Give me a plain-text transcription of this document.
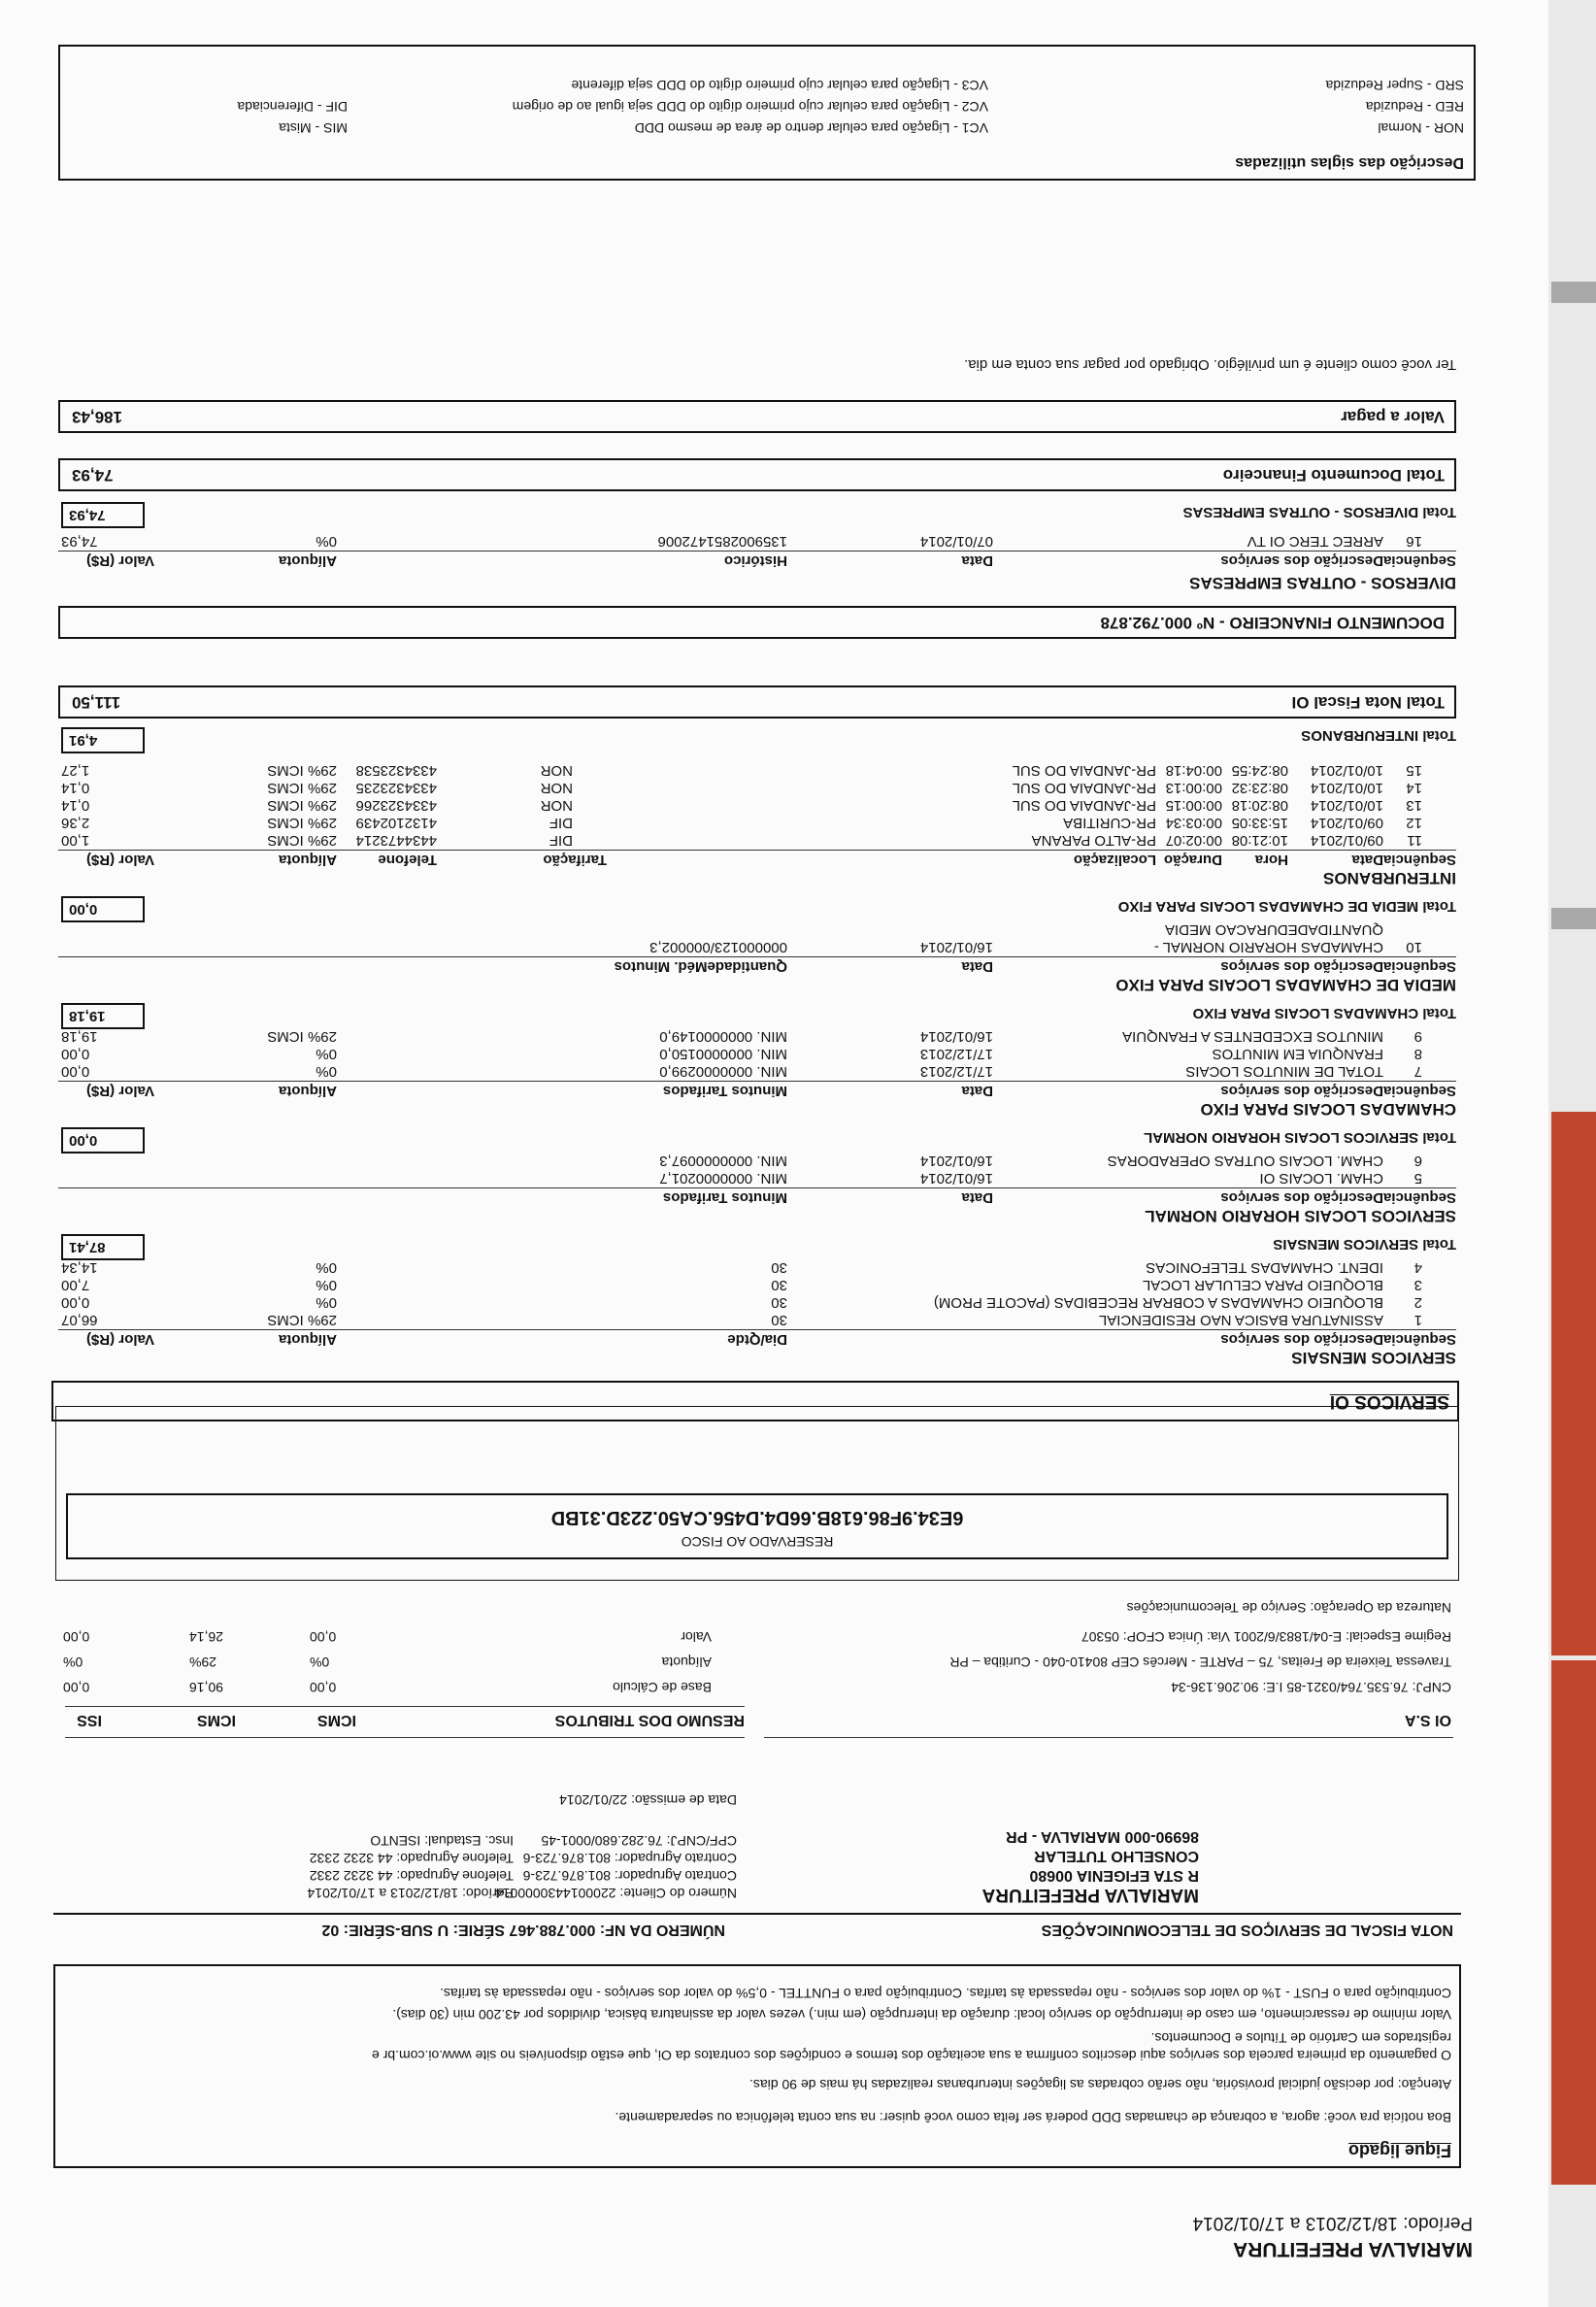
MARIALVA PREFEITURA
Período: 18/12/2013 a 17/01/2014
Fique ligado
Boa notícia pra você: agora, a cobrança de chamadas DDD poderá ser feita como você quiser: na sua conta telefônica ou separadamente.
Atenção: por decisão judicial provisória, não serão cobradas as ligações interurbanas realizadas há mais de 90 dias.
O pagamento da primeira parcela dos serviços aqui descritos confirma a sua aceitação dos termos e condições dos contratos da Oi, que estão disponíveis no site www.oi.com.br e
registrados em Cartório de Títulos e Documentos.
Valor mínimo de ressarcimento, em caso de interrupção do serviço local: duração da interrupção (em min.) vezes valor da assinatura básica, divididos por 43.200 min (30 dias).
Contribuição para o FUST - 1% do valor dos serviços - não repassada às tarifas. Contribuição para o FUNTTEL - 0,5% do valor dos serviços - não repassada às tarifas.
NOTA FISCAL DE SERVIÇOS DE TELECOMUNICAÇÕES
NÚMERO DA NF: 000.788.467 SÉRIE: U SUB-SÉRIE: 02
MARIALVA PREFEITURA
R STA EFIGENIA 00680
CONSELHO TUTELAR
86990-000 MARIALVA - PR
Número do Cliente: 2200014430000014
Contrato Agrupador: 801.876.723-6
Contrato Agrupador: 801.876.723-6
CPF/CNPJ: 76.282.680/0001-45
Período: 18/12/2013 a 17/01/2014
Telefone Agrupado: 44 3232 2332
Telefone Agrupado: 44 3232 2332
Insc. Estadual: ISENTO
Data de emissão: 22/01/2014
OI S.A
RESUMO DOS TRIBUTOS
ICMS
ICMS
ISS
CNPJ: 76.535.764/0321-85 I.E: 90.206.136-34
Travessa Teixeira de Freitas, 75 – PARTE - Mercês CEP 80410-040 - Curitiba – PR
Regime Especial: E-04/1883/6/2001 Via: Única CFOP: 05307
Natureza da Operação: Serviço de Telecomunicações
Base de Cálculo
0,00
90,16
0,00
Alíquota
0%
29%
0%
Valor
0,00
26,14
0,00
RESERVADO AO FISCO
6E34.9F86.618B.66D4.D456.CA50.223D.31BD
SERVICOS OI
SERVICOS MENSAIS
Sequência
Descrição dos serviços
Dia/Qtde
Alíquota
Valor (R$)
1
ASSINATURA BASICA NAO RESIDENCIAL
30
29% ICMS
66,07
2
BLOQUEIO CHAMADAS A COBRAR RECEBIDAS (PACOTE PROM)
30
0%
0,00
3
BLOQUEIO PARA CELULAR LOCAL
30
0%
7,00
4
IDENT. CHAMADAS TELEFONICAS
30
0%
14,34
Total SERVICOS MENSAIS
87,41
SERVICOS LOCAIS HORARIO NORMAL
Sequência
Descrição dos serviços
Data
Minutos Tarifados
5
CHAM. LOCAIS OI
16/01/2014
MIN. 0000000201,7
6
CHAM. LOCAIS OUTRAS OPERADORAS
16/01/2014
MIN. 0000000097,3
Total SERVICOS LOCAIS HORARIO NORMAL
0,00
CHAMADAS LOCAIS PARA FIXO
Sequência
Descrição dos serviços
Data
Minutos Tarifados
Alíquota
Valor (R$)
7
TOTAL DE MINUTOS LOCAIS
17/12/2013
MIN. 0000000299,0
0%
0,00
8
FRANQUIA EM MINUTOS
17/12/2013
MIN. 0000000150,0
0%
0,00
9
MINUTOS EXCEDENTES A FRANQUIA
16/01/2014
MIN. 0000000149,0
29% ICMS
19,18
Total CHAMADAS LOCAIS PARA FIXO
19,18
MEDIA DE CHAMADAS LOCAIS PARA FIXO
Sequência
Descrição dos serviços
Data
QuantidadeMéd. Minutos
10
CHAMADAS HORARIO NORMAL -
QUANTIDADEDURACAO MEDIA
16/01/2014
000000123/000002,3
Total MEDIA DE CHAMADAS LOCAIS PARA FIXO
0,00
INTERURBANOS
Sequência
Data
Hora
Duração
Localização
Tarifação
Telefone
Alíquota
Valor (R$)
11
09/01/2014
10:21:08
00:02:07
PR-ALTO PARANA
DIF
4434473214
29% ICMS
1,00
12
09/01/2014
15:33:05
00:03:34
PR-CURITIBA
DIF
4132102439
29% ICMS
2,36
13
10/01/2014
08:20:18
00:00:15
PR-JANDAIA DO SUL
NOR
4334323266
29% ICMS
0,14
14
10/01/2014
08:23:32
00:00:13
PR-JANDAIA DO SUL
NOR
4334323235
29% ICMS
0,14
15
10/01/2014
08:24:55
00:04:18
PR-JANDAIA DO SUL
NOR
4334323538
29% ICMS
1,27
Total INTERURBANOS
4,91
Total Nota Fiscal OI
111,50
DOCUMENTO FINANCEIRO - Nº 000.792.878
DIVERSOS - OUTRAS EMPRESAS
Sequência
Descrição dos serviços
Data
Histórico
Alíquota
Valor (R$)
16
ARREC TERC OI TV
07/01/2014
1359002851472006
0%
74,93
Total DIVERSOS - OUTRAS EMPRESAS
74,93
Total Documento Financeiro
74,93
Valor a pagar
186,43
Ter você como cliente é um privilégio. Obrigado por pagar sua conta em dia.
Descrição das siglas utilizadas
NOR - Normal
VC1 - Ligação para celular dentro de área de mesmo DDD
MIS - Mista
RED - Reduzida
VC2 - Ligação para celular cujo primeiro dígito do DDD seja igual ao de origem
DIF - Diferenciada
SRD - Super Reduzida
VC3 - Ligação para celular cujo primeiro dígito do DDD seja diferente
